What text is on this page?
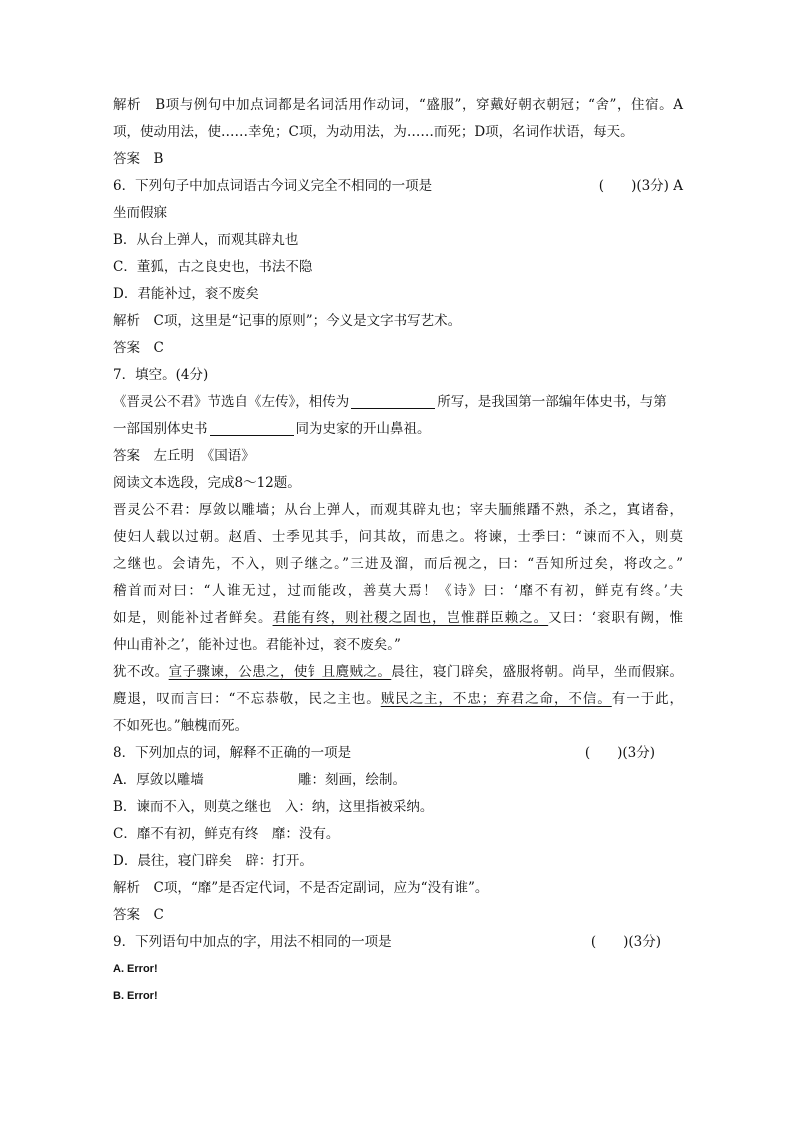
解析　B项与例句中加点词都是名词活用作动词，“盛服”，穿戴好朝衣朝冠；“舍”，住宿。A
项，使动用法，使……幸免；C项，为动用法，为……而死；D项，名词作状语，每天。
答案　B
6．下列句子中加点词语古今词义完全不相同的一项是	(　　)(3分) A
坐而假寐
B．从台上弹人，而观其辟丸也
C．董狐，古之良史也，书法不隐
D．君能补过，衮不废矣
解析　C项，这里是“记事的原则”；今义是文字书写艺术。
答案　C
7．填空。(4分)
《晋灵公不君》节选自《左传》，相传为	所写，是我国第一部编年体史书，与第
一部国别体史书	同为史家的开山鼻祖。
答案　左丘明　《国语》
阅读文本选段，完成8～12题。
晋灵公不君：厚敛以雕墙；从台上弹人，而观其辟丸也；宰夫胹熊蹯不熟，杀之，寘诸畚，
使妇人载以过朝。赵盾、士季见其手，问其故，而患之。将谏，士季曰：“谏而不入，则莫
之继也。会请先，不入，则子继之。”三进及溜，而后视之，曰：“吾知所过矣，将改之。”
稽首而对曰：“人谁无过，过而能改，善莫大焉！《诗》曰：‘靡不有初，鲜克有终。’夫
如是，则能补过者鲜矣。君能有终，则社稷之固也，岂惟群臣赖之。又曰：‘衮职有阙，惟
仲山甫补之’，能补过也。君能补过，衮不废矣。”
犹不改。宣子骤谏，公患之，使钅且麑贼之。晨往，寝门辟矣，盛服将朝。尚早，坐而假寐。
麑退，叹而言曰：“不忘恭敬，民之主也。贼民之主，不忠；弃君之命，不信。有一于此，
不如死也。”触槐而死。
8．下列加点的词，解释不正确的一项是	(　　)(3分)
A．厚敛以雕墙	雕：刻画，绘制。
B．谏而不入，则莫之继也　入：纳，这里指被采纳。
C．靡不有初，鲜克有终　靡：没有。
D．晨往，寝门辟矣　辟：打开。
解析　C项，“靡”是否定代词，不是否定副词，应为“没有谁”。
答案　C
9．下列语句中加点的字，用法不相同的一项是	(　　)(3分)
A. Error!
B. Error!
